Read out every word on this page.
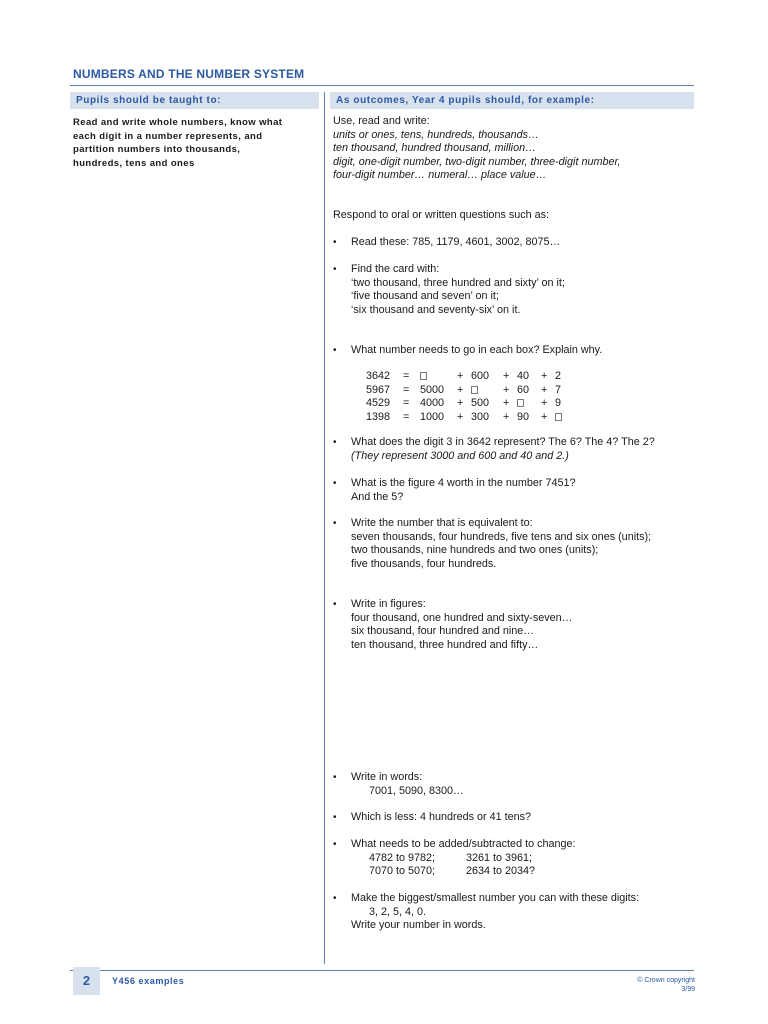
NUMBERS AND THE NUMBER SYSTEM
Pupils should be taught to:	As outcomes, Year 4 pupils should, for example:
Read and write whole numbers, know what
each digit in a number represents, and
partition numbers into thousands,
hundreds, tens and ones
Use, read and write:
units or ones, tens, hundreds, thousands…
ten thousand, hundred thousand, million…
digit, one-digit number, two-digit number, three-digit number,
four-digit number… numeral… place value…
Respond to oral or written questions such as:
• Read these: 785, 1179, 4601, 3002, 8075…
• Find the card with:
‘two thousand, three hundred and sixty’ on it;
‘five thousand and seven’ on it;
‘six thousand and seventy-six’ on it.
• What number needs to go in each box? Explain why.
3642	=	+ 600	+ 40	+ 2
5967	= 5000	+	+ 60	+ 7
4529	= 4000	+ 500	+	+ 9
1398	= 1000	+ 300	+ 90	+
• What does the digit 3 in 3642 represent? The 6? The 4? The 2?
(They represent 3000 and 600 and 40 and 2.)
• What is the figure 4 worth in the number 7451?
And the 5?
• Write the number that is equivalent to:
seven thousands, four hundreds, five tens and six ones (units);
two thousands, nine hundreds and two ones (units);
five thousands, four hundreds.
• Write in figures:
four thousand, one hundred and sixty-seven…
six thousand, four hundred and nine…
ten thousand, three hundred and fifty…
• Write in words:
7001, 5090, 8300…
• Which is less: 4 hundreds or 41 tens?
• What needs to be added/subtracted to change:
4782 to 9782;	3261 to 3961;
7070 to 5070;	2634 to 2034?
• Make the biggest/smallest number you can with these digits:
3, 2, 5, 4, 0.
Write your number in words.
2	Y456 examples	© Crown copyright
3/99
